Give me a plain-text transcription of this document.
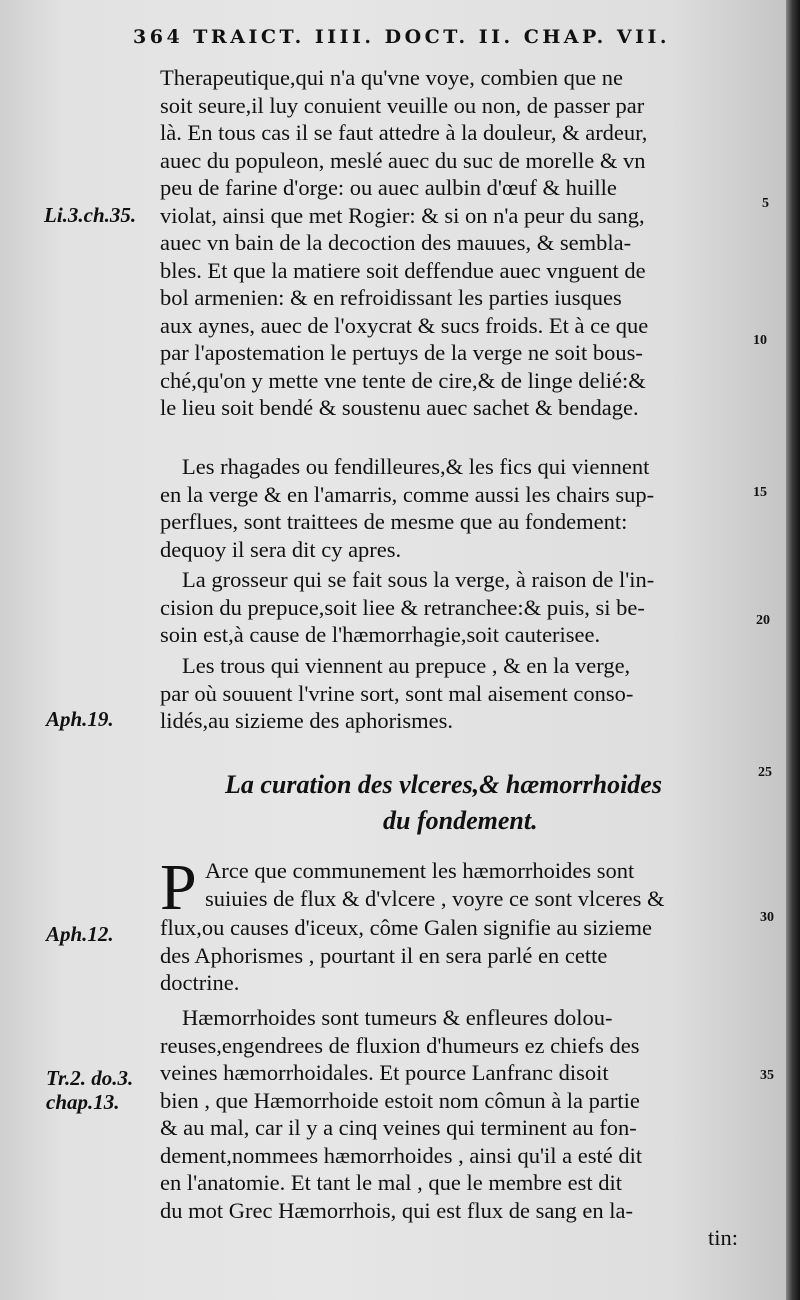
364 TRAICT. IIII. DOCT. II. CHAP. VII.
Therapeutique,qui n'a qu'vne voye, combien que ne
soit seure,il luy conuient veuille ou non, de passer par
là. En tous cas il se faut attedre à la douleur, & ardeur,
auec du populeon, meslé auec du suc de morelle & vn
peu de farine d'orge: ou auec aulbin d'œuf & huille
violat, ainsi que met Rogier: & si on n'a peur du sang,
auec vn bain de la decoction des mauues, & sembla-
bles. Et que la matiere soit deffendue auec vnguent de
bol armenien: & en refroidissant les parties iusques
aux aynes, auec de l'oxycrat & sucs froids. Et à ce que
par l'apostemation le pertuys de la verge ne soit bous-
ché,qu'on y mette vne tente de cire,& de linge delié:&
le lieu soit bendé & soustenu auec sachet & bendage.
Les rhagades ou fendilleures,& les fics qui viennent
en la verge & en l'amarris, comme aussi les chairs sup-
perflues, sont traittees de mesme que au fondement:
dequoy il sera dit cy apres.
La grosseur qui se fait sous la verge, à raison de l'in-
cision du prepuce,soit liee & retranchee:& puis, si be-
soin est,à cause de l'hæmorrhagie,soit cauterisee.
Les trous qui viennent au prepuce , & en la verge,
par où souuent l'vrine sort, sont mal aisement conso-
lidés,au sizieme des aphorismes.
La curation des vlceres,& hæmorrhoides
du fondement.
P Arce que communement les hæmorrhoides sont
suiuies de flux & d'vlcere , voyre ce sont vlceres &
flux,ou causes d'iceux, côme Galen signifie au sizieme
des Aphorismes , pourtant il en sera parlé en cette
doctrine.
Hæmorrhoides sont tumeurs & enfleures dolou-
reuses,engendrees de fluxion d'humeurs ez chiefs des
veines hæmorrhoidales. Et pource Lanfranc disoit
bien , que Hæmorrhoide estoit nom cômun à la partie
& au mal, car il y a cinq veines qui terminent au fon-
dement,nommees hæmorrhoides , ainsi qu'il a esté dit
en l'anatomie. Et tant le mal , que le membre est dit
du mot Grec Hæmorrhois, qui est flux de sang en la-
tin:
Li.3.ch.35.
Aph.19.
Aph.12.
Tr.2. do.3.
chap.13.
5
10
15
20
25
30
35
